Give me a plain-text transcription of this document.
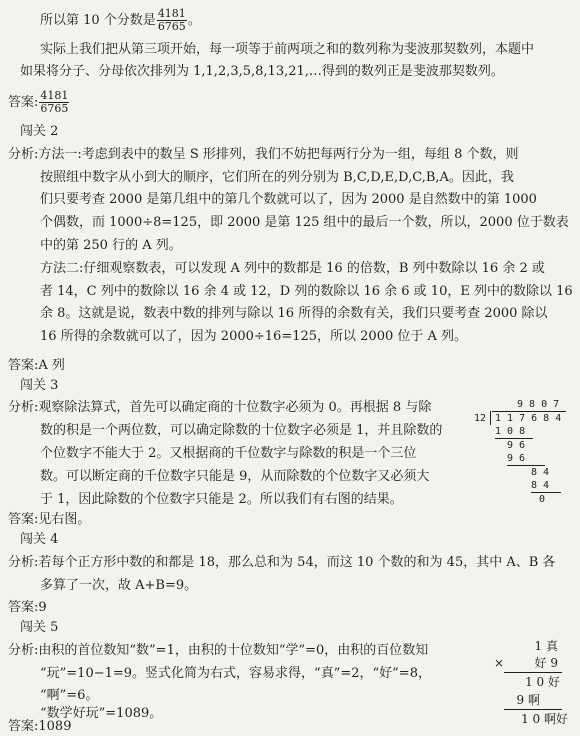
所以第 10 个分数是 $\frac{4181}{6765}$ 。
实际上我们把从第三项开始，每一项等于前两项之和的数列称为斐波那契数列，本题中
如果将分子、分母依次排列为 1,1,2,3,5,8,13,21,…得到的数列正是斐波那契数列。
答案: $\frac{4181}{6765}$
闯关 2
分析:方法一:考虑到表中的数呈 S 形排列，我们不妨把每两行分为一组，每组 8 个数，则
按照组中数字从小到大的顺序，它们所在的列分别为 B,C,D,E,D,C,B,A。因此，我
们只要考查 2000 是第几组中的第几个数就可以了，因为 2000 是自然数中的第 1000
个偶数，而 1000÷8=125，即 2000 是第 125 组中的最后一个数，所以，2000 位于数表
中的第 250 行的 A 列。
方法二:仔细观察数表，可以发现 A 列中的数都是 16 的倍数，B 列中数除以 16 余 2 或
者 14，C 列中的数除以 16 余 4 或 12，D 列的数除以 16 余 6 或 10，E 列中的数除以 16
余 8。这就是说，数表中数的排列与除以 16 所得的余数有关，我们只要考查 2000 除以
16 所得的余数就可以了，因为 2000÷16=125，所以 2000 位于 A 列。
答案:A 列
闯关 3
分析:观察除法算式，首先可以确定商的十位数字必须为 0。再根据 8 与除
数的积是一个两位数，可以确定除数的十位数字必须是 1，并且除数的
个位数字不能大于 2。又根据商的千位数字与除数的积是一个三位
数。可以断定商的千位数字只能是 9，从而除数的个位数字又必须大
于 1，因此除数的个位数字只能是 2。所以我们有右图的结果。
9 8 0 7
12 1 1 7 6 8 4
1 0 8
9 6
9 6
8 4
8 4
0
答案:见右图。
闯关 4
分析:若每个正方形中数的和都是 18，那么总和为 54，而这 10 个数的和为 45，其中 A、B 各
多算了一次，故 A+B=9。
答案:9
闯关 5
分析:由积的首位数知“数”=1，由积的十位数知“学”=0，由积的百位数知
“玩”=10−1=9。竖式化简为右式，容易求得，“真”=2，“好”=8，
“啊”=6。
“数学好玩”=1089。
答案:1089
1 真
×	好 9
1 0 好
9 啊
1 0 啊好
